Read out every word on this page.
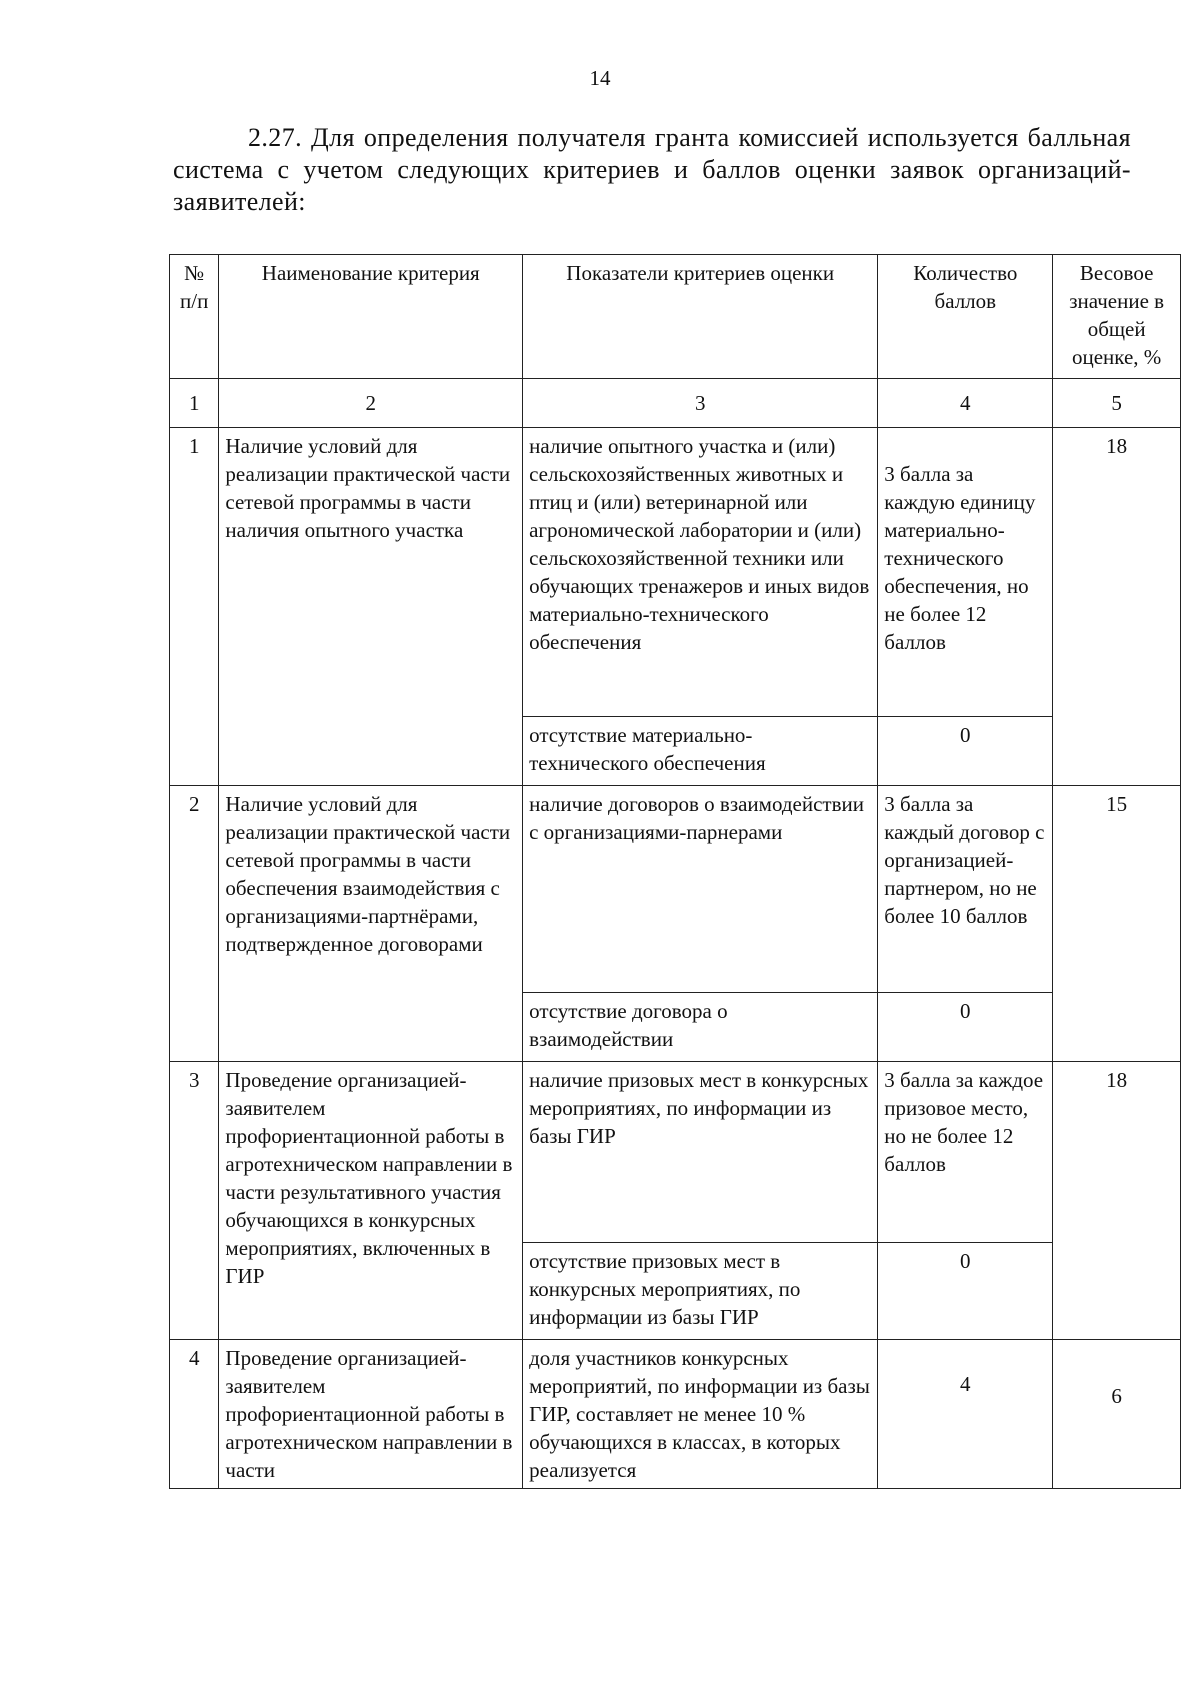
14

2.27. Для определения получателя гранта комиссией используется балльная система с учетом следующих критериев и баллов оценки заявок организаций-заявителей:

№ п/п	Наименование критерия	Показатели критериев оценки	Количество баллов	Весовое значение в общей оценке, %
1	2	3	4	5
1	Наличие условий для реализации практической части сетевой программы в части наличия опытного участка	наличие опытного участка и (или) сельскохозяйственных животных и птиц и (или) ветеринарной или агрономической лаборатории и (или) сельскохозяйственной техники или обучающих тренажеров и иных видов материально-технического обеспечения	3 балла за каждую единицу материально-технического обеспечения, но не более 12 баллов	18
		отсутствие материально-технического обеспечения	0	
2	Наличие условий для реализации практической части сетевой программы в части обеспечения взаимодействия с организациями-партнёрами, подтвержденное договорами	наличие договоров о взаимодействии с организациями-парнерами	3 балла за каждый договор с организацией-партнером, но не более 10 баллов	15
		отсутствие договора о взаимодействии	0	
3	Проведение организацией-заявителем профориентационной работы в агротехническом направлении в части результативного участия обучающихся в конкурсных мероприятиях, включенных в ГИР	наличие призовых мест в конкурсных мероприятиях, по информации из базы ГИР	3 балла за каждое призовое место, но не более 12 баллов	18
		отсутствие призовых мест в конкурсных мероприятиях, по информации из базы ГИР	0	
4	Проведение организацией-заявителем профориентационной работы в агротехническом направлении в части	доля участников конкурсных мероприятий, по информации из базы ГИР, составляет не менее 10 % обучающихся в классах, в которых реализуется	4	6
